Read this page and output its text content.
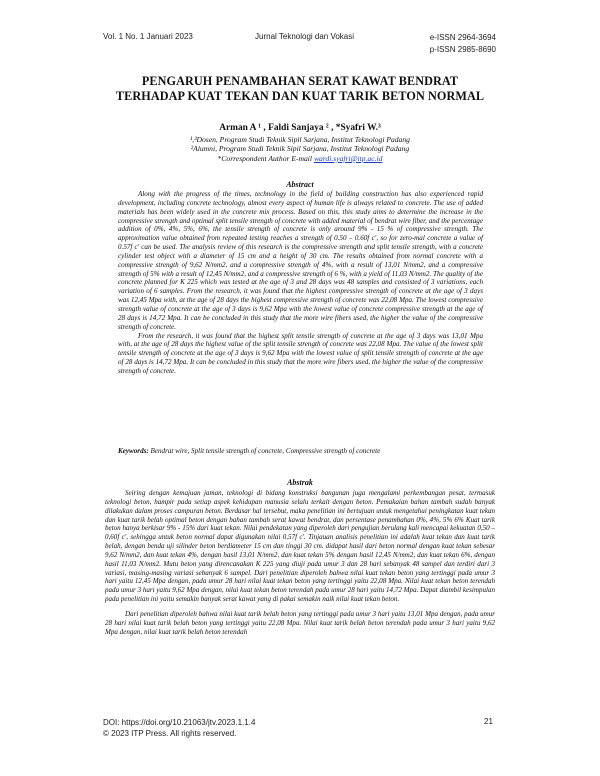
Vol. 1 No. 1 Januari 2023	Jurnal Teknologi dan Vokasi	e-ISSN 2964-3694
p-ISSN 2985-8690
PENGARUH PENAMBAHAN SERAT KAWAT BENDRAT TERHADAP KUAT TEKAN DAN KUAT TARIK BETON NORMAL
Arman A ¹ , Faldi Sanjaya ² , *Syafri W.³
¹,³Dosen, Program Studi Teknik Sipil Sarjana, Institut Teknologi Padang
²Alumni, Program Studi Teknik Sipil Sarjana, Institut Teknologi Padang
*Correspondent Author E-mail wardi.syafri@itp.ac.id
Abstract

Along with the progress of the times, technology in the field of building construction has also experienced rapid development, including concrete technology, almost every aspect of human life is always related to concrete. The use of added materials has been widely used in the concrete mix process. Based on this, this study aims to determine the increase in the compressive strength and optimal split tensile strength of concrete with added material of bendrat wire fiber, and the percentage addition of 0%, 4%, 5%, 6%, the tensile strength of concrete is only around 9% - 15 % of compressive strength. The approximation value obtained from repeated testing reaches a strength of 0.50 – 0.60f c', so for zero-mal concrete a value of 0.57f c' can be used. The analysis review of this research is the compressive strength and split tensile strength, with a concrete cylinder test object with a diameter of 15 cm and a height of 30 cm. The results obtained from normal concrete with a compressive strength of 9,62 N/mm2, and a compressive strength of 4%, with a result of 13,01 N/mm2, and a compressive strength of 5% with a result of 12,45 N/mm2, and a compressive strength of 6 %, with a yield of 11,03 N/mm2. The quality of the concrete planned for K 225 which was tested at the age of 3 and 28 days was 48 samples and consisted of 3 variations, each variation of 6 samples. From the research, it was found that the highest compressive strength of concrete at the age of 3 days was 12,45 Mpa with, at the age of 28 days the highest compressive strength of concrete was 22,08 Mpa. The lowest compressive strength value of concrete at the age of 3 days is 9,62 Mpa with the lowest value of concrete compressive strength at the age of 28 days is 14,72 Mpa. It can be concluded in this study that the more wire fibers used, the higher the value of the compressive strength of concrete.

From the research, it was found that the highest split tensile strength of concrete at the age of 3 days was 13,01 Mpa with, at the age of 28 days the highest value of the split tensile strength of concrete was 22,08 Mpa. The value of the lowest split tensile strength of concrete at the age of 3 days is 9,62 Mpa with the lowest value of split tensile strength of concrete at the age of 28 days is 14,72 Mpa. It can be concluded in this study that the more wire fibers used, the higher the value of the compressive strength of concrete.

Keywords: Bendrat wire, Split tensile strength of concrete, Compressive strength of concrete
Abstrak

Seiring dengan kemajuan jaman, teknologi di bidang konstruksi bangunan juga mengalami perkembangan pesat, termasuk teknologi beton, hampir pada setiap aspek kehidupan manusia selalu terkait dengan beton. Pemakaian bahan tambah sudah banyak dilakukan dalam proses campuran beton. Berdasar hal tersebut, maka penelitian ini bertujuan untuk mengetahui peningkatan kuat tekan dan kuat tarik belah optimal beton dengan bahan tambah serat kawat bendrat, dan persentase penambahan 0%, 4%, 5% 6% Kuat tarik beton hanya berkisar 9% - 15% dari kuat tekan. Nilai pendekatan yang diperoleh dari pengujian berulang kali mencapai kekuatan 0,50 – 0,60f c', sehingga untuk beton normal dapat digunakan nilai 0,57f c'. Tinjauan analisis penelitian ini adalah kuat tekan dan kuat tarik belah, dengan benda uji silinder beton berdiameter 15 cm dan tinggi 30 cm. didapat hasil dari beton normal dengan kuat tekan sebesar 9,62 N/mm2, dan kuat tekan 4%, dengan hasil 13,01 N/mm2, dan kuat tekan 5% dengan hasil 12,45 N/mm2, dan kuat tekan 6%, dengan hasil 11,03 N/mm2. Mutu beton yang direncanakan K 225 yang diuji pada umur 3 dan 28 hari sebanyak 48 sampel dan terdiri dari 3 variasi, masing-masing variasi sebanyak 6 sampel. Dari penelitian diperoleh bahwa nilai kuat tekan beton yang tertinggi pada umur 3 hari yaitu 12,45 Mpa dengan, pada umur 28 hari nilai kuat tekan beton yang tertinggi yaitu 22,08 Mpa. Nilai kuat tekan beton terendah pada umur 3 hari yaitu 9,62 Mpa dengan, nilai kuat tekan beton terendah pada umur 28 hari yaitu 14,72 Mpa. Dapat diambil kesimpulan pada penelitian ini yaitu semakin banyak serat kawat yang di pakai semakin naik nilai kuat tekan beton.

Dari penelitian diperoleh bahwa nilai kuat tarik belah beton yang tertinggi pada umur 3 hari yaitu 13,01 Mpa dengan, pada umur 28 hari nilai kuat tarik belah beton yang tertinggi yaitu 22,08 Mpa. Nilai kuat tarik belah beton terendah pada umur 3 hari yaitu 9,62 Mpa dengan, nilai kuat tarik belah beton terendah

DOI: https://doi.org/10.21063/jtv.2023.1.1.4
© 2023 ITP Press. All rights reserved.
21
